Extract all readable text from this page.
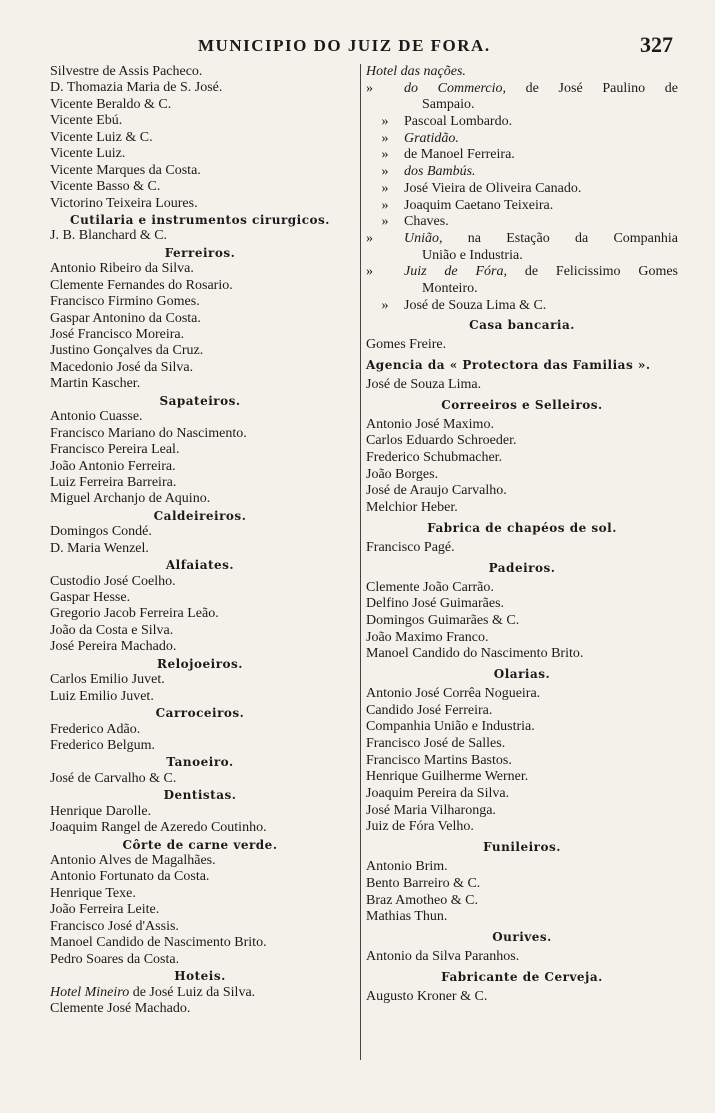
MUNICIPIO DO JUIZ DE FORA.	327
Silvestre de Assis Pacheco.
D. Thomazia Maria de S. José.
Vicente Beraldo & C.
Vicente Ebú.
Vicente Luiz & C.
Vicente Luiz.
Vicente Marques da Costa.
Vicente Basso & C.
Victorino Teixeira Loures.
Cutilaria e instrumentos cirurgicos.
J. B. Blanchard & C.
Ferreiros.
Antonio Ribeiro da Silva.
Clemente Fernandes do Rosario.
Francisco Firmino Gomes.
Gaspar Antonino da Costa.
José Francisco Moreira.
Justino Gonçalves da Cruz.
Macedonio José da Silva.
Martin Kascher.
Sapateiros.
Antonio Cuasse.
Francisco Mariano do Nascimento.
Francisco Pereira Leal.
João Antonio Ferreira.
Luiz Ferreira Barreira.
Miguel Archanjo de Aquino.
Caldeireiros.
Domingos Condé.
D. Maria Wenzel.
Alfaiates.
Custodio José Coelho.
Gaspar Hesse.
Gregorio Jacob Ferreira Leão.
João da Costa e Silva.
José Pereira Machado.
Relojoeiros.
Carlos Emilio Juvet.
Luiz Emilio Juvet.
Carroceiros.
Frederico Adão.
Frederico Belgum.
Tanoeiro.
José de Carvalho & C.
Dentistas.
Henrique Darolle.
Joaquim Rangel de Azeredo Coutinho.
Côrte de carne verde.
Antonio Alves de Magalhães.
Antonio Fortunato da Costa.
Henrique Texe.
João Ferreira Leite.
Francisco José d'Assis.
Manoel Candido de Nascimento Brito.
Pedro Soares da Costa.
Hoteis.
Hotel Mineiro de José Luiz da Silva.
Clemente José Machado.
Hotel das nações.
» do Commercio, de José Paulino de
Sampaio.
» Pascoal Lombardo.
» Gratidão.
» de Manoel Ferreira.
» dos Bambús.
» José Vieira de Oliveira Canado.
» Joaquim Caetano Teixeira.
» Chaves.
» União, na Estação da Companhia
União e Industria.
» Juiz de Fóra, de Felicissimo Gomes
Monteiro.
» José de Souza Lima & C.
Casa bancaria.
Gomes Freire.
Agencia da « Protectora das Familias ».
José de Souza Lima.
Correeiros e Selleiros.
Antonio José Maximo.
Carlos Eduardo Schroeder.
Frederico Schubmacher.
João Borges.
José de Araujo Carvalho.
Melchior Heber.
Fabrica de chapéos de sol.
Francisco Pagé.
Padeiros.
Clemente João Carrão.
Delfino José Guimarães.
Domingos Guimarães & C.
João Maximo Franco.
Manoel Candido do Nascimento Brito.
Olarias.
Antonio José Corrêa Nogueira.
Candido José Ferreira.
Companhia União e Industria.
Francisco José de Salles.
Francisco Martins Bastos.
Henrique Guilherme Werner.
Joaquim Pereira da Silva.
José Maria Vilharonga.
Juiz de Fóra Velho.
Funileiros.
Antonio Brim.
Bento Barreiro & C.
Braz Amotheo & C.
Mathias Thun.
Ourives.
Antonio da Silva Paranhos.
Fabricante de Cerveja.
Augusto Kroner & C.
